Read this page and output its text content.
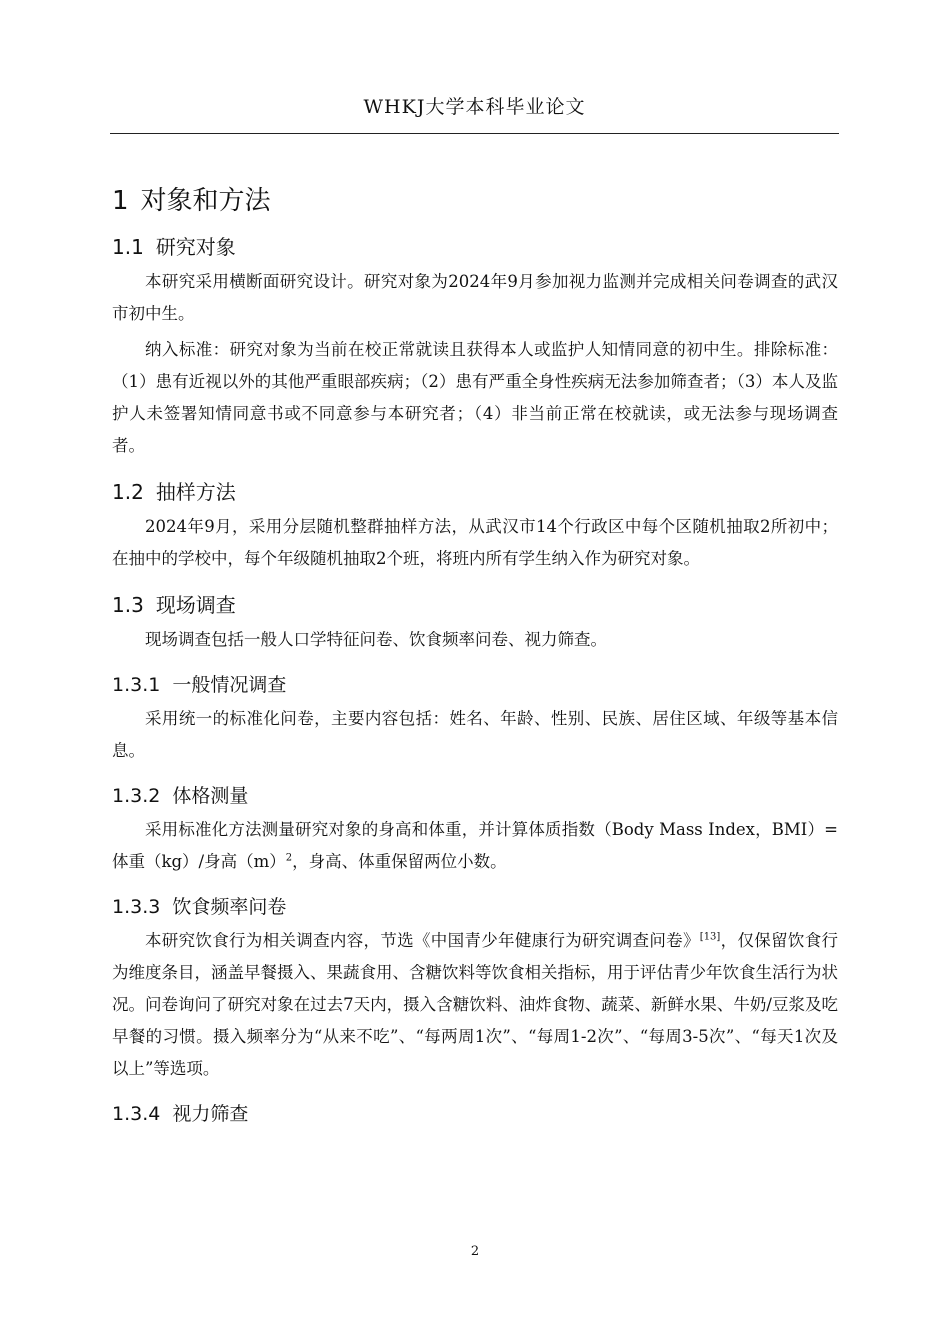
WHKJ大学本科毕业论文
1 对象和方法
1.1 研究对象

本研究采用横断面研究设计。研究对象为2024年9月参加视力监测并完成相关问卷调查的武汉市初中生。

纳入标准：研究对象为当前在校正常就读且获得本人或监护人知情同意的初中生。排除标准：（1）患有近视以外的其他严重眼部疾病；（2）患有严重全身性疾病无法参加筛查者；（3）本人及监护人未签署知情同意书或不同意参与本研究者；（4）非当前正常在校就读，或无法参与现场调查者。

1.2 抽样方法

2024年9月，采用分层随机整群抽样方法，从武汉市14个行政区中每个区随机抽取2所初中；在抽中的学校中，每个年级随机抽取2个班，将班内所有学生纳入作为研究对象。

1.3 现场调查

现场调查包括一般人口学特征问卷、饮食频率问卷、视力筛查。

1.3.1 一般情况调查

采用统一的标准化问卷，主要内容包括：姓名、年龄、性别、民族、居住区域、年级等基本信息。

1.3.2 体格测量

采用标准化方法测量研究对象的身高和体重，并计算体质指数（Body Mass Index，BMI）=体重（kg）/身高$(m)^2$，身高、体重保留两位小数。

1.3.3 饮食频率问卷

本研究饮食行为相关调查内容，节选《中国青少年健康行为研究调查问卷》[13]，仅保留饮食行为维度条目，涵盖早餐摄入、果蔬食用、含糖饮料等饮食相关指标，用于评估青少年饮食生活行为状况。问卷询问了研究对象在过去7天内，摄入含糖饮料、油炸食物、蔬菜、新鲜水果、牛奶/豆浆及吃早餐的习惯。摄入频率分为“从来不吃”、“每两周1次”、“每周1-2次”、“每周3-5次”、“每天1次及以上”等选项。

1.3.4 视力筛查
2
